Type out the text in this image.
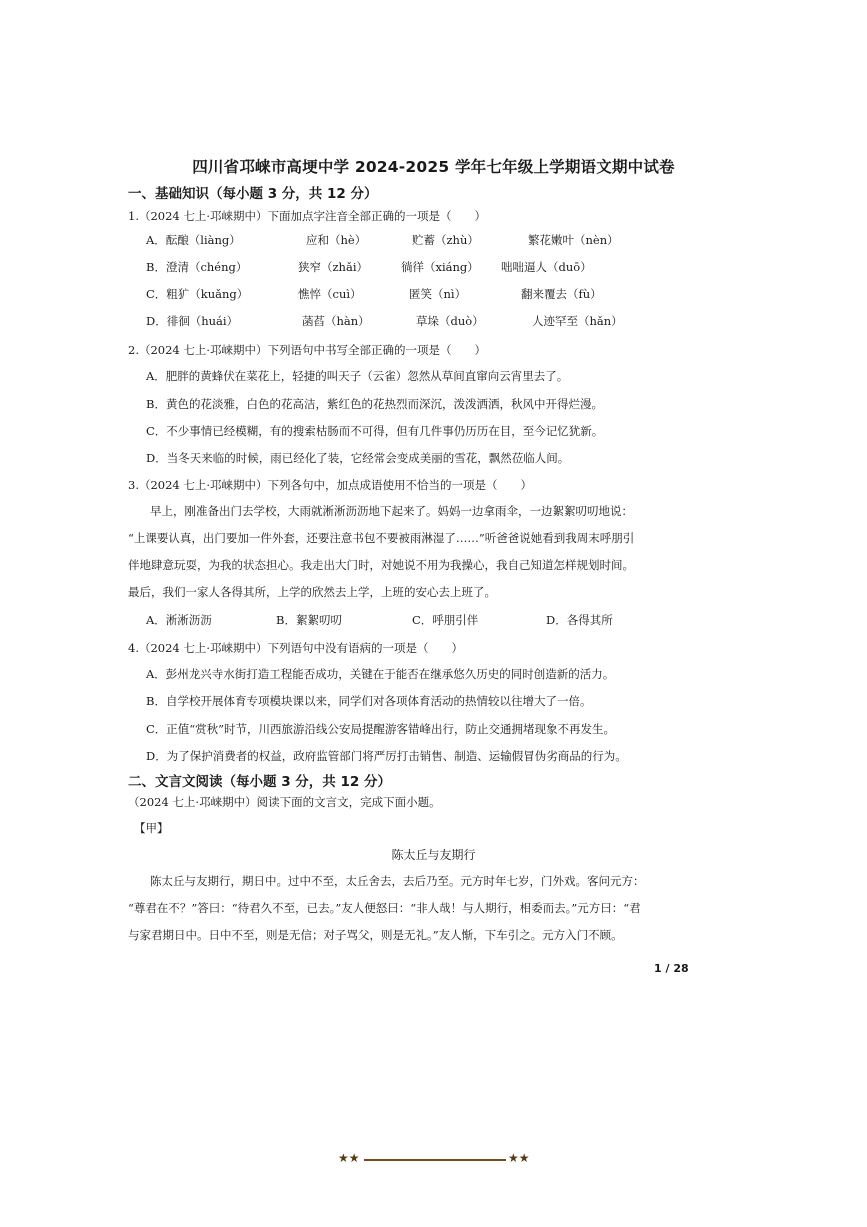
四川省邛崃市高埂中学 2024-2025 学年七年级上学期语文期中试卷
一、基础知识（每小题 3 分，共 12 分）
1.（2024 七上·邛崃期中）下面加点字注音全部正确的一项是（　　）
A．酝酿（liàng）	应和（hè）	贮蓄（zhù）	繁花嫩叶（nèn）
B．澄清（chéng）	狭窄（zhǎi）	徜徉（xiáng） 咄咄逼人（duō）
C．粗犷（kuǎng）	憔悴（cuì）	匿笑（nì）	翻来覆去（fù）
D．徘徊（huái）	菡萏（hàn）	草垛（duò）	人迹罕至（hǎn）
2.（2024 七上·邛崃期中）下列语句中书写全部正确的一项是（　　）
A．肥胖的黄蜂伏在菜花上，轻捷的叫天子（云雀）忽然从草间直窜向云宵里去了。
B．黄色的花淡雅，白色的花高洁，紫红色的花热烈而深沉，泼泼洒洒，秋风中开得烂漫。
C．不少事情已经模糊，有的搜索枯肠而不可得，但有几件事仍历历在目，至今记忆犹新。
D．当冬天来临的时候，雨已经化了装，它经常会变成美丽的雪花，飘然莅临人间。
3.（2024 七上·邛崃期中）下列各句中，加点成语使用不恰当的一项是（　　）
早上，刚准备出门去学校，大雨就淅淅沥沥地下起来了。妈妈一边拿雨伞，一边絮絮叨叨地说：
“上课要认真，出门要加一件外套，还要注意书包不要被雨淋湿了……”听爸爸说她看到我周末呼朋引
伴地肆意玩耍，为我的状态担心。我走出大门时，对她说不用为我操心，我自己知道怎样规划时间。
最后，我们一家人各得其所，上学的欣然去上学，上班的安心去上班了。
A．淅淅沥沥	B．絮絮叨叨	C．呼朋引伴	D．各得其所
4.（2024 七上·邛崃期中）下列语句中没有语病的一项是（　　）
A．彭州龙兴寺水街打造工程能否成功，关键在于能否在继承悠久历史的同时创造新的活力。
B．自学校开展体育专项模块课以来，同学们对各项体育活动的热情较以往增大了一倍。
C．正值“赏秋”时节，川西旅游沿线公安局提醒游客错峰出行，防止交通拥堵现象不再发生。
D．为了保护消费者的权益，政府监管部门将严厉打击销售、制造、运输假冒伪劣商品的行为。
二、文言文阅读（每小题 3 分，共 12 分）
（2024 七上·邛崃期中）阅读下面的文言文，完成下面小题。
【甲】
陈太丘与友期行
陈太丘与友期行，期日中。过中不至，太丘舍去，去后乃至。元方时年七岁，门外戏。客问元方：
“尊君在不？”答曰：“待君久不至，已去。”友人便怒曰：“非人哉！与人期行，相委而去。”元方曰：“君
与家君期日中。日中不至，则是无信；对子骂父，则是无礼。”友人惭，下车引之。元方入门不顾。
1 / 28
★★	★★
